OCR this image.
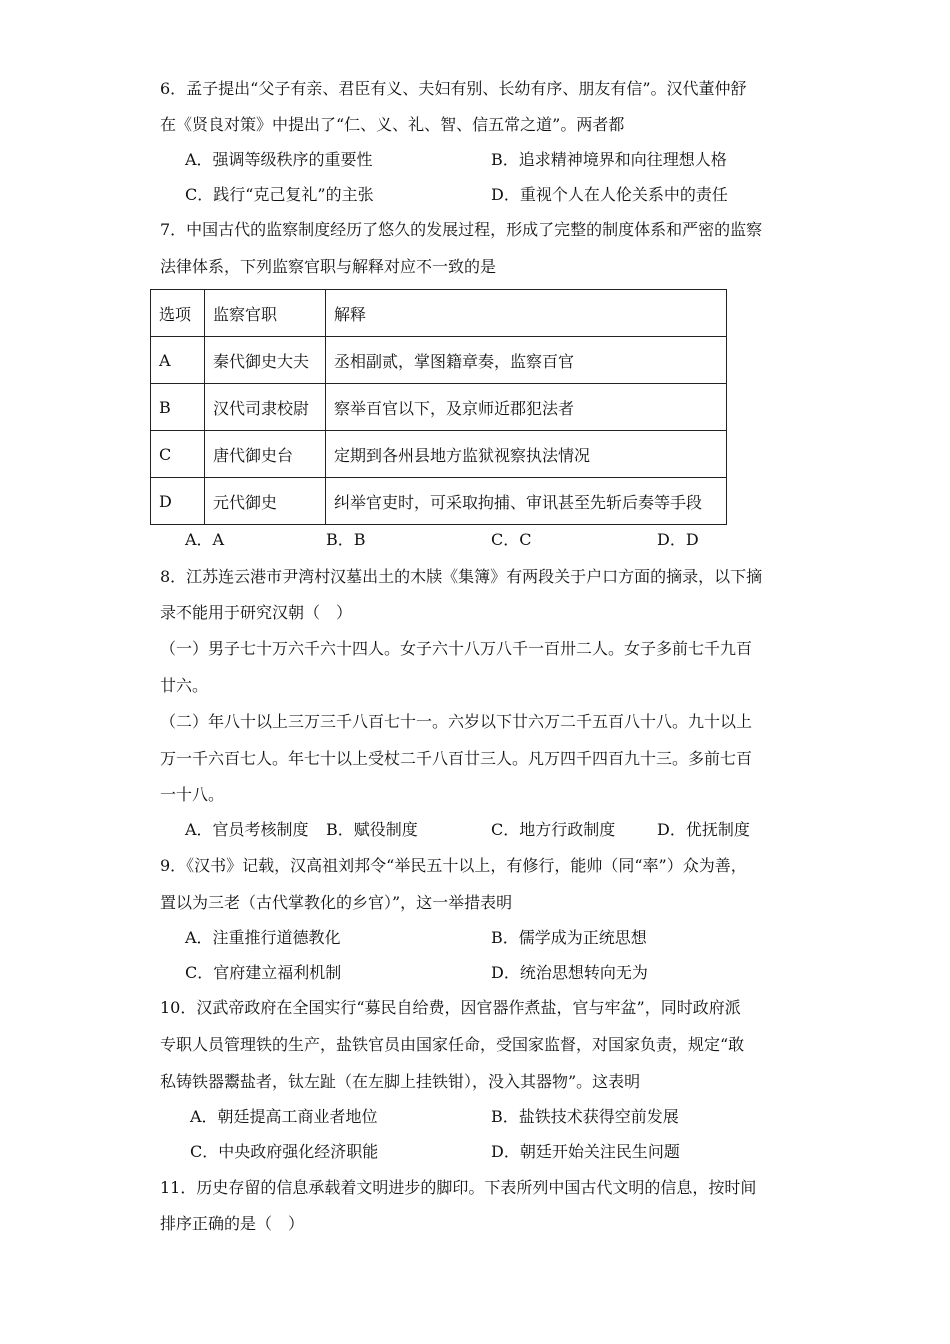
6．孟子提出“父子有亲、君臣有义、夫妇有别、长幼有序、朋友有信”。汉代董仲舒
在《贤良对策》中提出了“仁、义、礼、智、信五常之道”。两者都
A．强调等级秩序的重要性	B．追求精神境界和向往理想人格
C．践行“克己复礼”的主张	D．重视个人在人伦关系中的责任
7．中国古代的监察制度经历了悠久的发展过程，形成了完整的制度体系和严密的监察
法律体系，下列监察官职与解释对应不一致的是
选项	监察官职	解释
A	秦代御史大夫	丞相副贰，掌图籍章奏，监察百官
B	汉代司隶校尉	察举百官以下，及京师近郡犯法者
C	唐代御史台	定期到各州县地方监狱视察执法情况
D	元代御史	纠举官吏时，可采取拘捕、审讯甚至先斩后奏等手段
A．A	B．B	C．C	D．D
8．江苏连云港市尹湾村汉墓出土的木牍《集簿》有两段关于户口方面的摘录，以下摘
录不能用于研究汉朝（　）
（一）男子七十万六千六十四人。女子六十八万八千一百卅二人。女子多前七千九百
廿六。
（二）年八十以上三万三千八百七十一。六岁以下廿六万二千五百八十八。九十以上
万一千六百七人。年七十以上受杖二千八百廿三人。凡万四千四百九十三。多前七百
一十八。
A．官员考核制度 B．赋役制度	C．地方行政制度	D．优抚制度
9．《汉书》记载，汉高祖刘邦令“举民五十以上，有修行，能帅（同“率”）众为善，
置以为三老（古代掌教化的乡官）”，这一举措表明
A．注重推行道德教化	B．儒学成为正统思想
C．官府建立福利机制	D．统治思想转向无为
10．汉武帝政府在全国实行“募民自给费，因官器作煮盐，官与牢盆”，同时政府派
专职人员管理铁的生产，盐铁官员由国家任命，受国家监督，对国家负责，规定“敢
私铸铁器鬻盐者，钛左趾（在左脚上挂铁钳），没入其器物”。这表明
A．朝廷提高工商业者地位	B．盐铁技术获得空前发展
C．中央政府强化经济职能	D．朝廷开始关注民生问题
11．历史存留的信息承载着文明进步的脚印。下表所列中国古代文明的信息，按时间
排序正确的是（　）
